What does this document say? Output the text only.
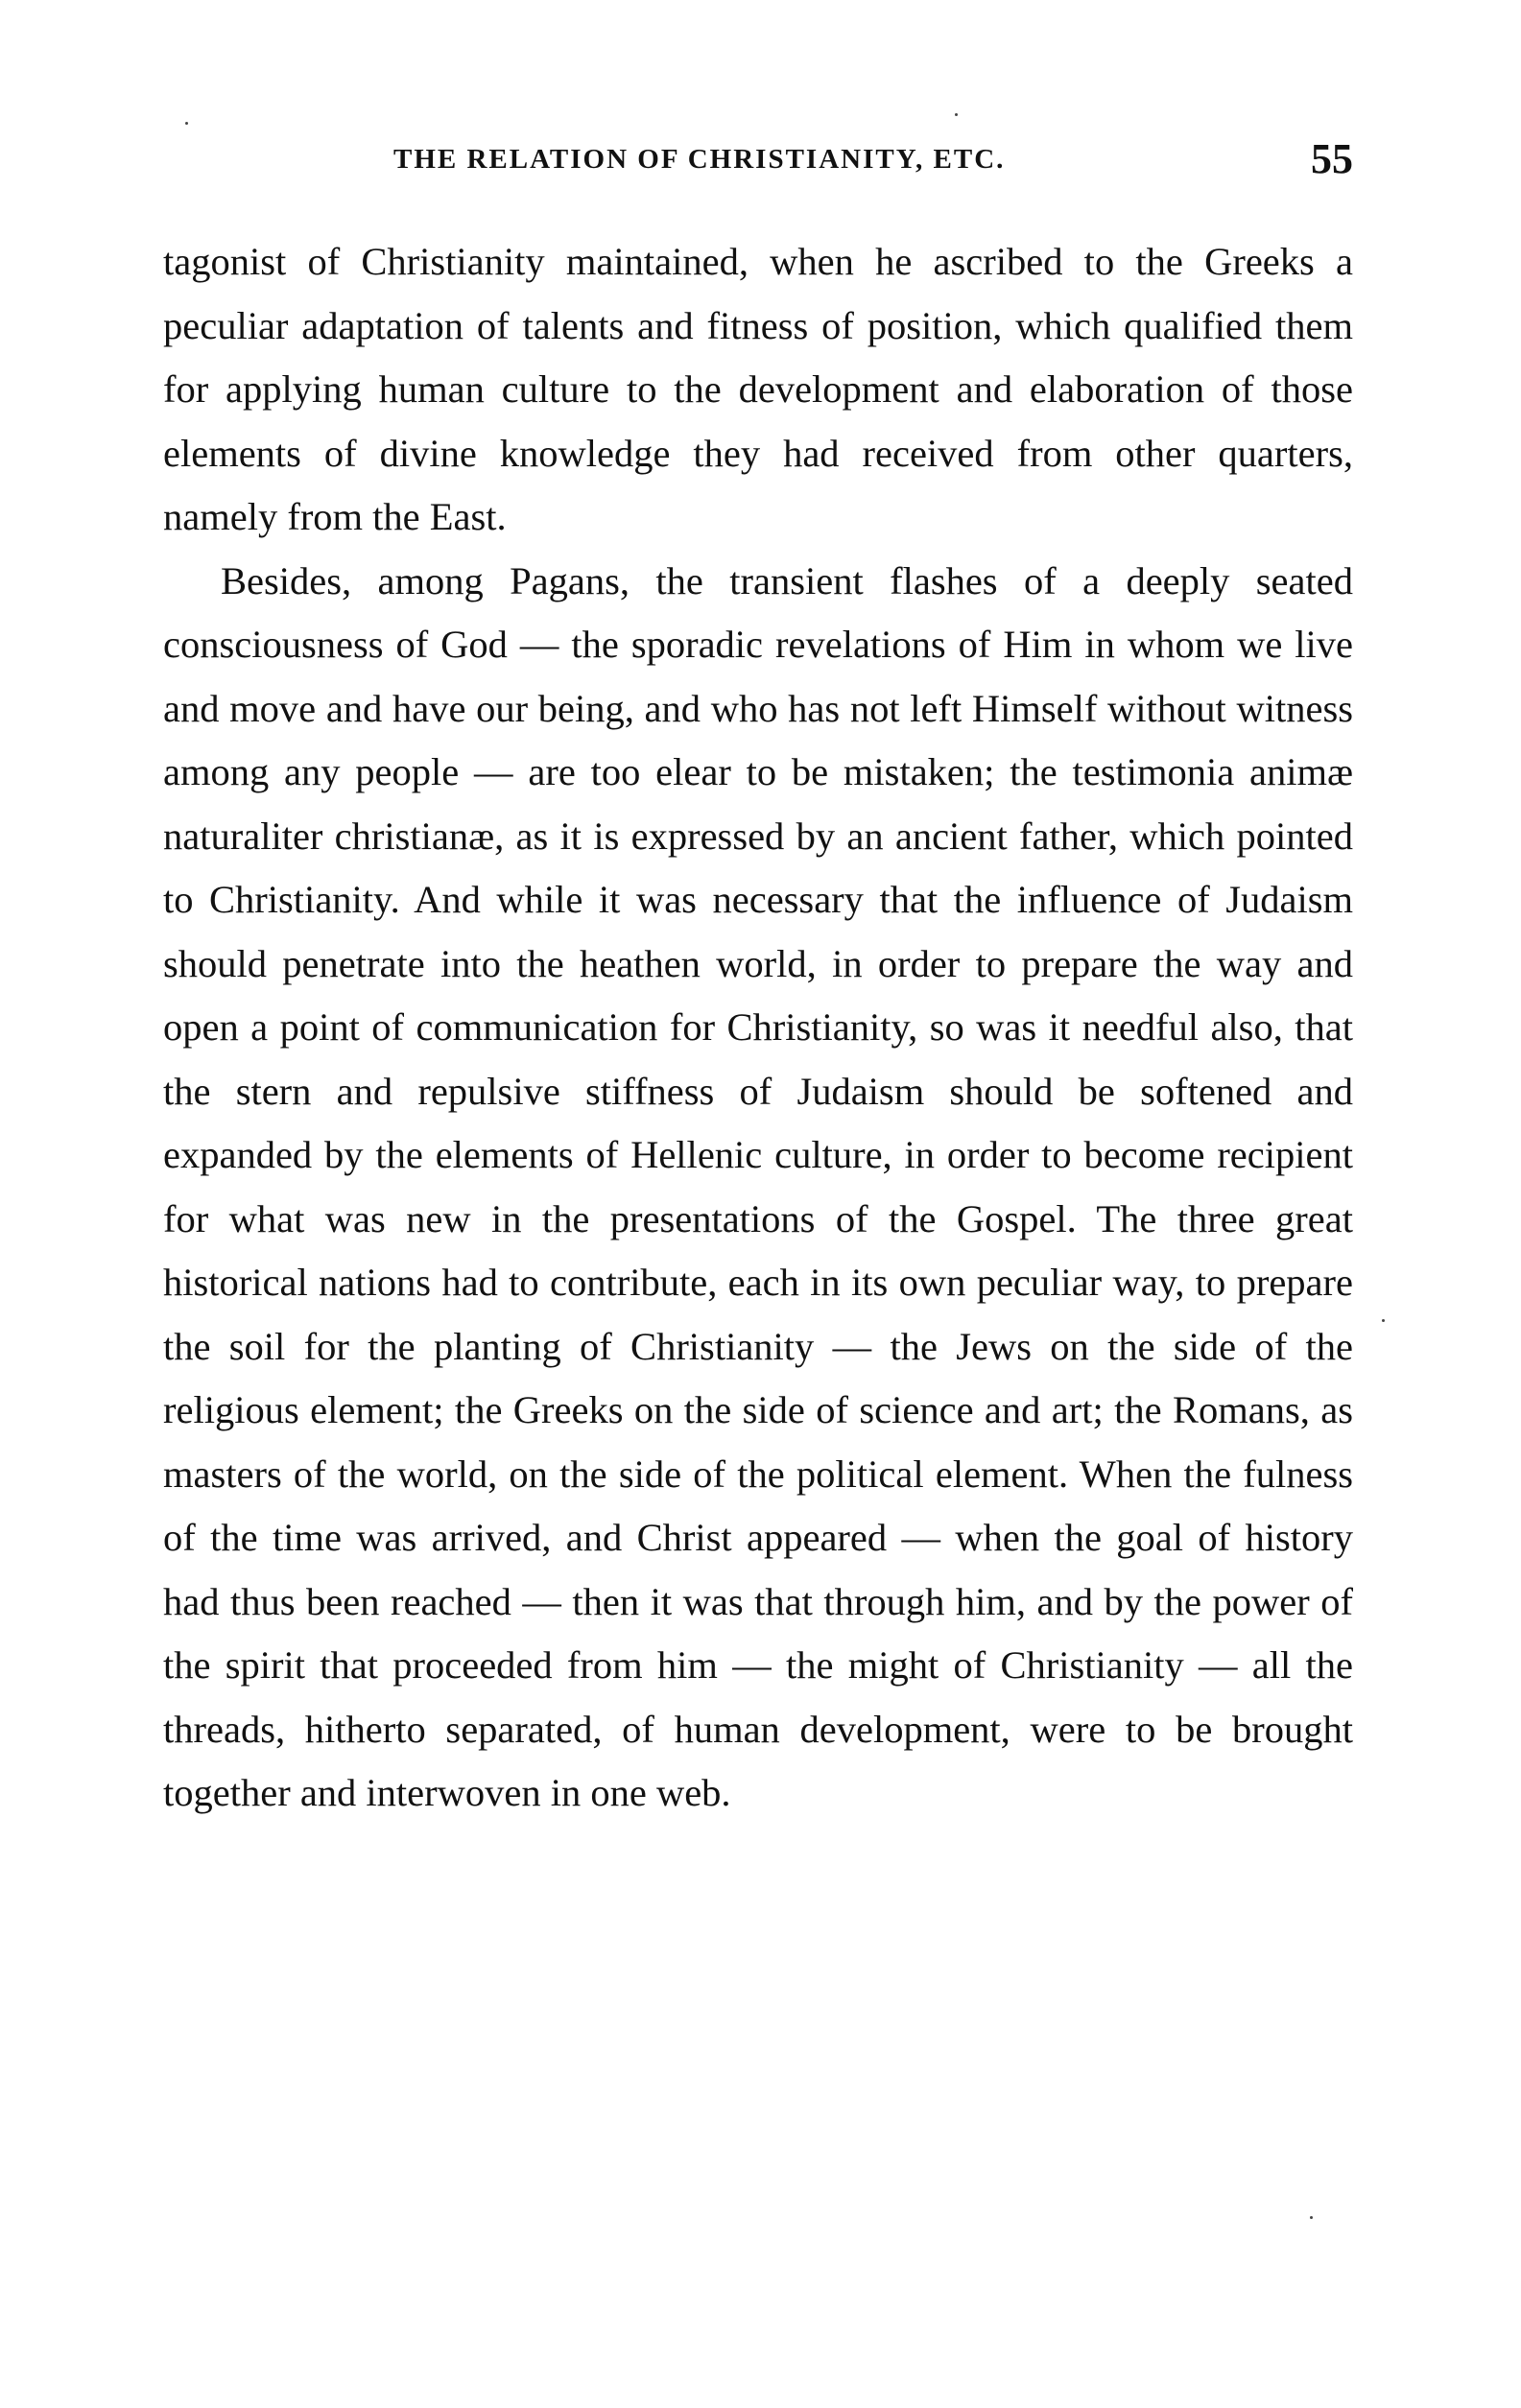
THE RELATION OF CHRISTIANITY, ETC.	55

tagonist of Christianity maintained, when he ascribed to the Greeks a peculiar adaptation of talents and fitness of position, which qualified them for applying human culture to the development and elaboration of those elements of divine knowledge they had received from other quarters, namely from the East.

Besides, among Pagans, the transient flashes of a deeply seated consciousness of God — the sporadic revelations of Him in whom we live and move and have our being, and who has not left Himself without witness among any people — are too elear to be mistaken; the testimonia animæ naturaliter christianæ, as it is expressed by an ancient father, which pointed to Christianity. And while it was necessary that the influence of Judaism should penetrate into the heathen world, in order to prepare the way and open a point of communication for Christianity, so was it needful also, that the stern and repulsive stiffness of Judaism should be softened and expanded by the elements of Hellenic culture, in order to become recipient for what was new in the presentations of the Gospel. The three great historical nations had to contribute, each in its own peculiar way, to prepare the soil for the planting of Christianity — the Jews on the side of the religious element; the Greeks on the side of science and art; the Romans, as masters of the world, on the side of the political element. When the fulness of the time was arrived, and Christ appeared — when the goal of history had thus been reached — then it was that through him, and by the power of the spirit that proceeded from him — the might of Christianity — all the threads, hitherto separated, of human development, were to be brought together and interwoven in one web.
